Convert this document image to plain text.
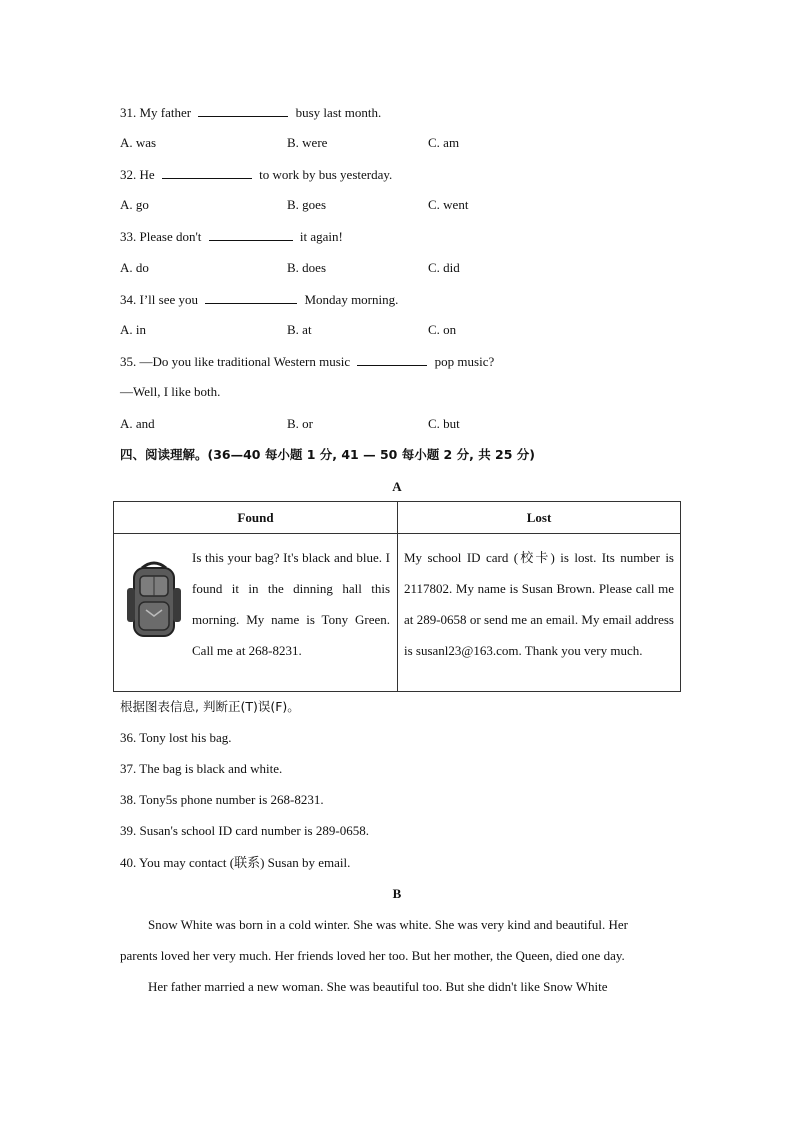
31. My father	busy last month.
A. was	B. were	C. am
32. He	to work by bus yesterday.
A. go	B. goes	C. went
33. Please don't	it again!
A. do	B. does	C. did
34. I’ll see you	Monday morning.
A. in	B. at	C. on
35. —Do you like traditional Western music	pop music?
—Well, I like both.
A. and	B. or	C. but
四、阅读理解。(36—40 每小题 1 分, 41 — 50 每小题 2 分, 共 25 分)
A
Found	Lost

Is this your bag? It's black and blue. I found it in the dinning hall this morning. My name is Tony Green. Call me at 268-8231.	My school ID card (校卡) is lost. Its number is 2117802. My name is Susan Brown. Please call me at 289-0658 or send me an email. My email address is susanl23@163.com. Thank you very much.
根据图表信息, 判断正(T)误(F)。
36. Tony lost his bag.
37. The bag is black and white.
38. Tony5s phone number is 268-8231.
39. Susan's school ID card number is 289-0658.
40. You may contact (联系) Susan by email.
B
Snow White was born in a cold winter. She was white. She was very kind and beautiful. Her
parents loved her very much. Her friends loved her too. But her mother, the Queen, died one day.
Her father married a new woman. She was beautiful too. But she didn't like Snow White
